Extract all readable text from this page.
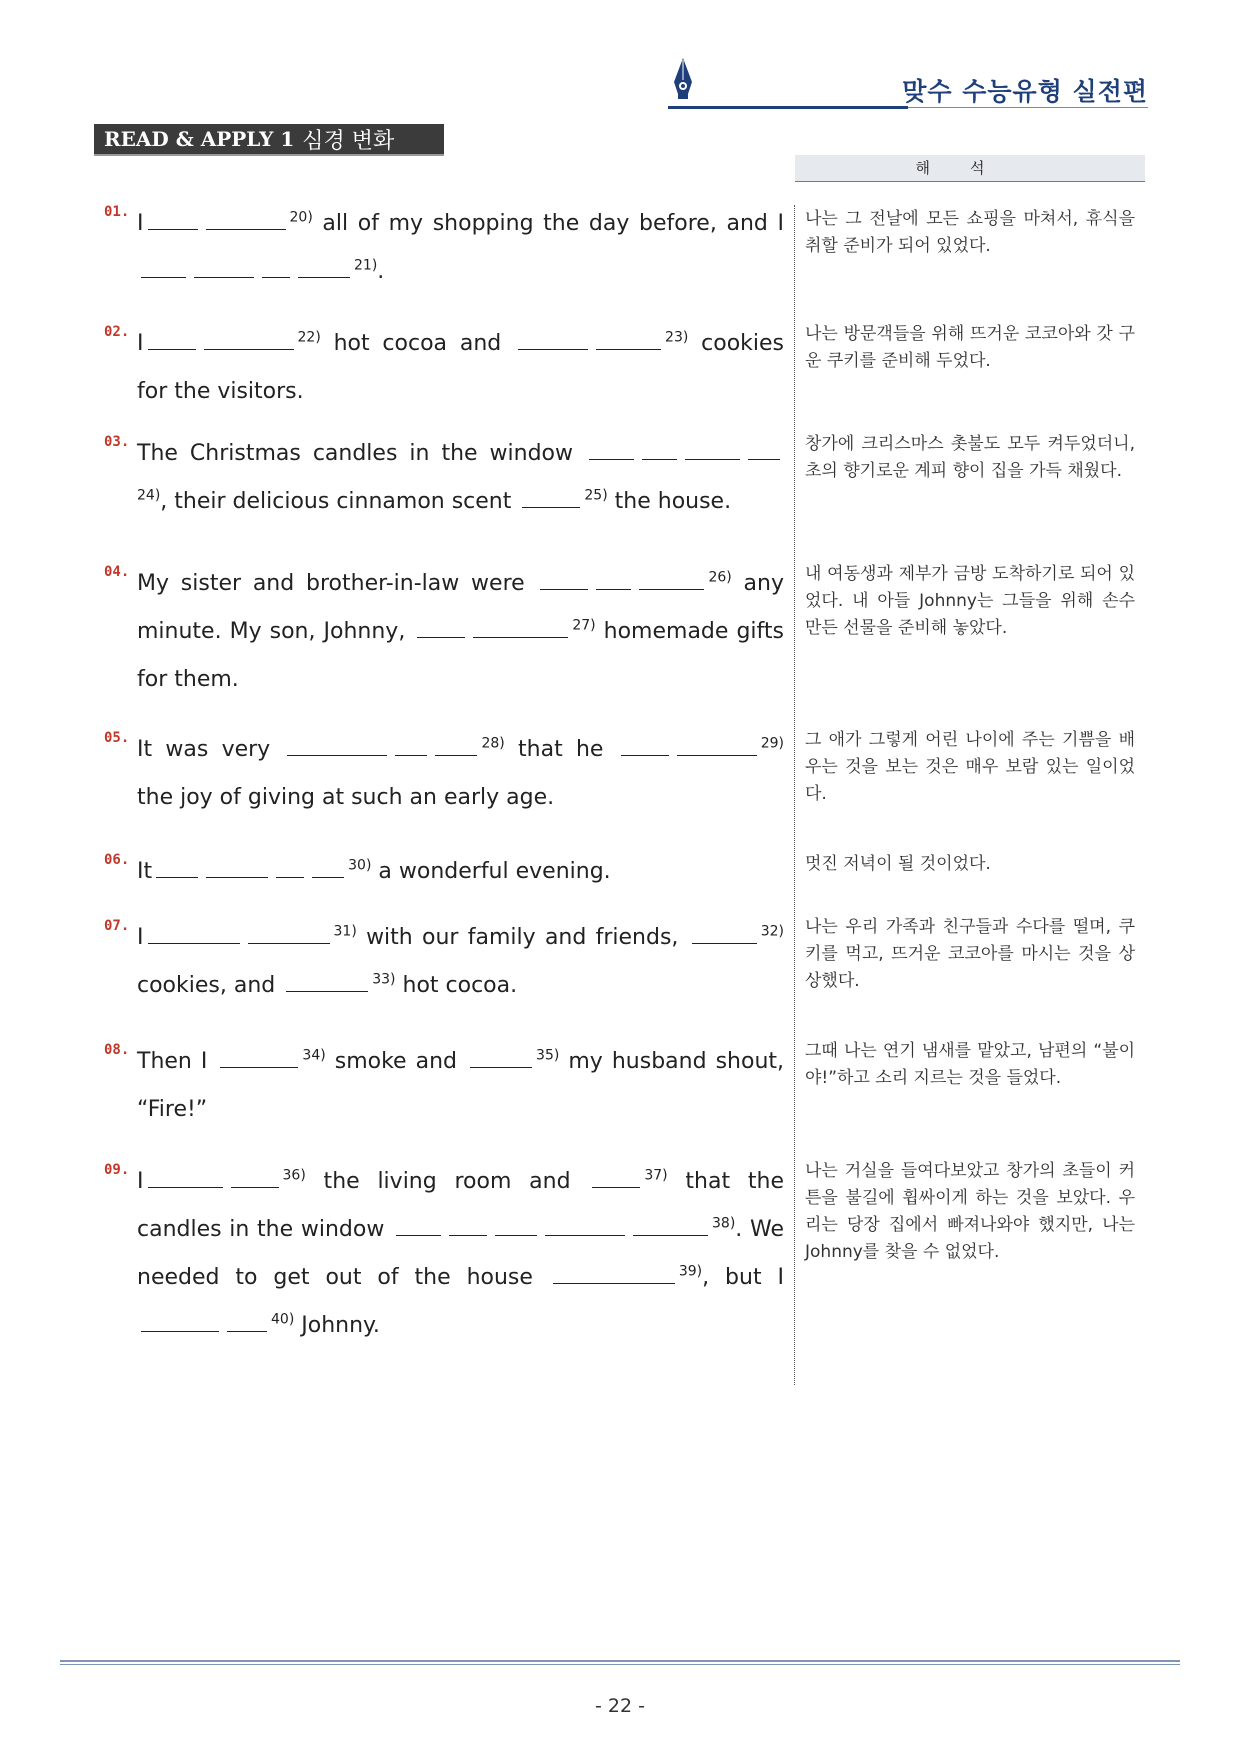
맞수 수능유형 실전편
READ & APPLY 1 심경 변화
해석
01. I	$^{20)}$ all of my shopping the day before, and I $^{21)}$.
나는 그 전날에 모든 쇼핑을 마쳐서, 휴식을 취할 준비가 되어 있었다.
02. I	$^{22)}$ hot cocoa and	$^{23)}$ cookies for the visitors.
나는 방문객들을 위해 뜨거운 코코아와 갓 구운 쿠키를 준비해 두었다.
03. The Christmas candles in the window $^{24)}$, their delicious cinnamon scent	$^{25)}$ the house.
창가에 크리스마스 촛불도 모두 켜두었더니, 초의 향기로운 계피 향이 집을 가득 채웠다.
04. My sister and brother-in-law were	$^{26)}$ any minute. My son, Johnny,	$^{27)}$ homemade gifts for them.
내 여동생과 제부가 금방 도착하기로 되어 있었다. 내 아들 Johnny는 그들을 위해 손수 만든 선물을 준비해 놓았다.
05. It was very	$^{28)}$ that he	$^{29)}$ the joy of giving at such an early age.
그 애가 그렇게 어린 나이에 주는 기쁨을 배우는 것을 보는 것은 매우 보람 있는 일이었다.
06. It	$^{30)}$ a wonderful evening.	멋진 저녁이 될 것이었다.
07. I	$^{31)}$ with our family and friends,	$^{32)}$ cookies, and	$^{33)}$ hot cocoa.
나는 우리 가족과 친구들과 수다를 떨며, 쿠키를 먹고, 뜨거운 코코아를 마시는 것을 상상했다.
08. Then I	$^{34)}$ smoke and	$^{35)}$ my husband shout, “Fire!”
그때 나는 연기 냄새를 맡았고, 남편의 “불이야!”하고 소리 지르는 것을 들었다.
09. I	$^{36)}$ the living room and	$^{37)}$ that the candles in the window	$^{38)}$. We needed to get out of the house	$^{39)}$, but I $^{40)}$ Johnny.
나는 거실을 들여다보았고 창가의 초들이 커튼을 불길에 휩싸이게 하는 것을 보았다. 우리는 당장 집에서 빠져나와야 했지만, 나는 Johnny를 찾을 수 없었다.
- 22 -
